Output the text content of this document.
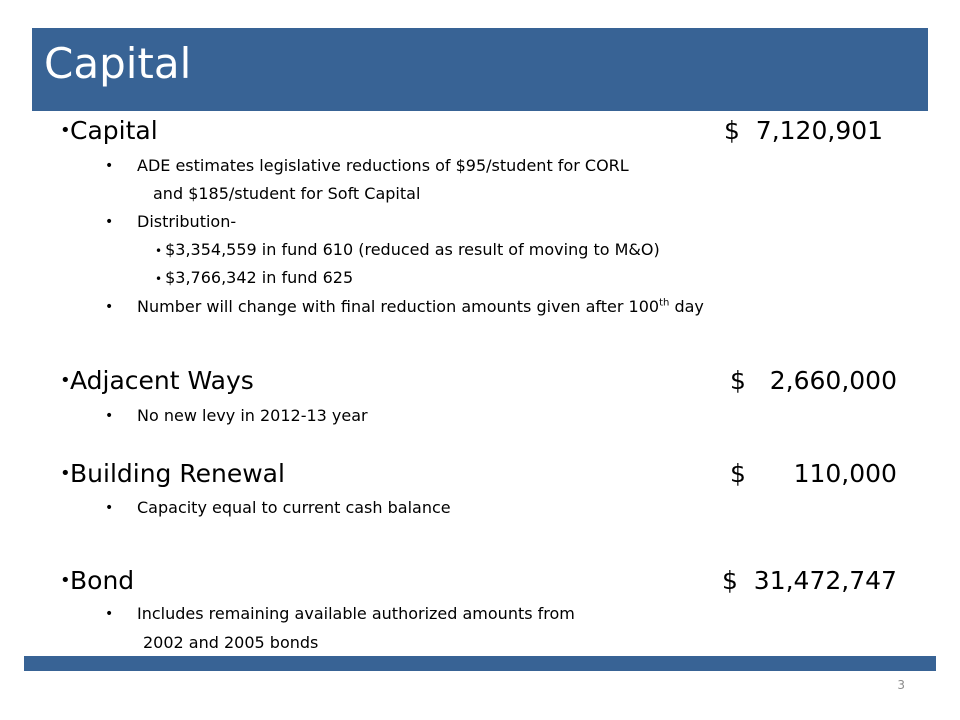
Capital
•Capital	$  7,120,901
• ADE estimates legislative reductions of $95/student for CORL
and $185/student for Soft Capital
• Distribution-
• $3,354,559 in fund 610 (reduced as result of moving to M&O)
• $3,766,342 in fund 625
• Number will change with final reduction amounts given after 100th day
•Adjacent Ways	$   2,660,000
• No new levy in 2012-13 year
•Building Renewal	$      110,000
• Capacity equal to current cash balance
•Bond	$  31,472,747
• Includes remaining available authorized amounts from
2002 and 2005 bonds
3
